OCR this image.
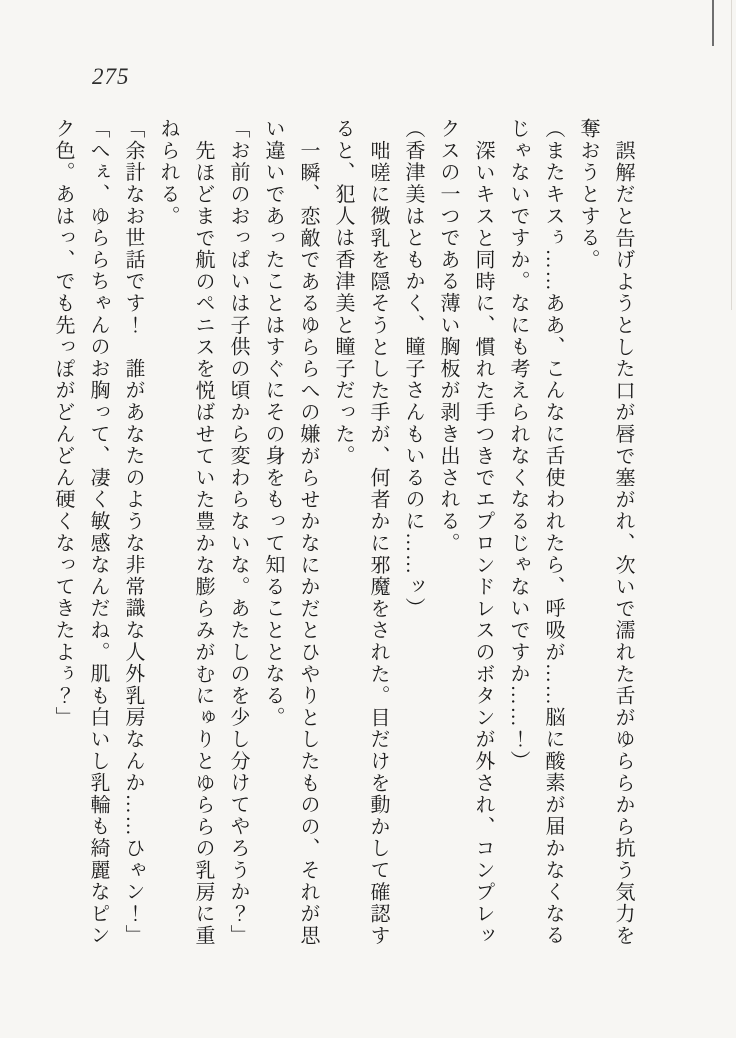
275
誤解だと告げようとした口が唇で塞がれ、次いで濡れた舌がゆららから抗う気力を
奪おうとする。
（またキスぅ……ああ、こんなに舌使われたら、呼吸が……脳に酸素が届かなくなる
じゃないですか。なにも考えられなくなるじゃないですか……！）
深いキスと同時に、慣れた手つきでエプロンドレスのボタンが外され、コンプレッ
クスの一つである薄い胸板が剥き出される。
（香津美はともかく、瞳子さんもいるのに……ッ）
咄嗟に微乳を隠そうとした手が、何者かに邪魔をされた。目だけを動かして確認す
ると、犯人は香津美と瞳子だった。
一瞬、恋敵であるゆららへの嫌がらせかなにかだとひやりとしたものの、それが思
い違いであったことはすぐにその身をもって知ることとなる。
「お前のおっぱいは子供の頃から変わらないな。あたしのを少し分けてやろうか？」
先ほどまで航のペニスを悦ばせていた豊かな膨らみがむにゅりとゆららの乳房に重
ねられる。
「余計なお世話です！　誰があなたのような非常識な人外乳房なんか……ひゃン！」
「へぇ、ゆららちゃんのお胸って、凄く敏感なんだね。肌も白いし乳輪も綺麗なピン
ク色。あはっ、でも先っぽがどんどん硬くなってきたよぅ？」
